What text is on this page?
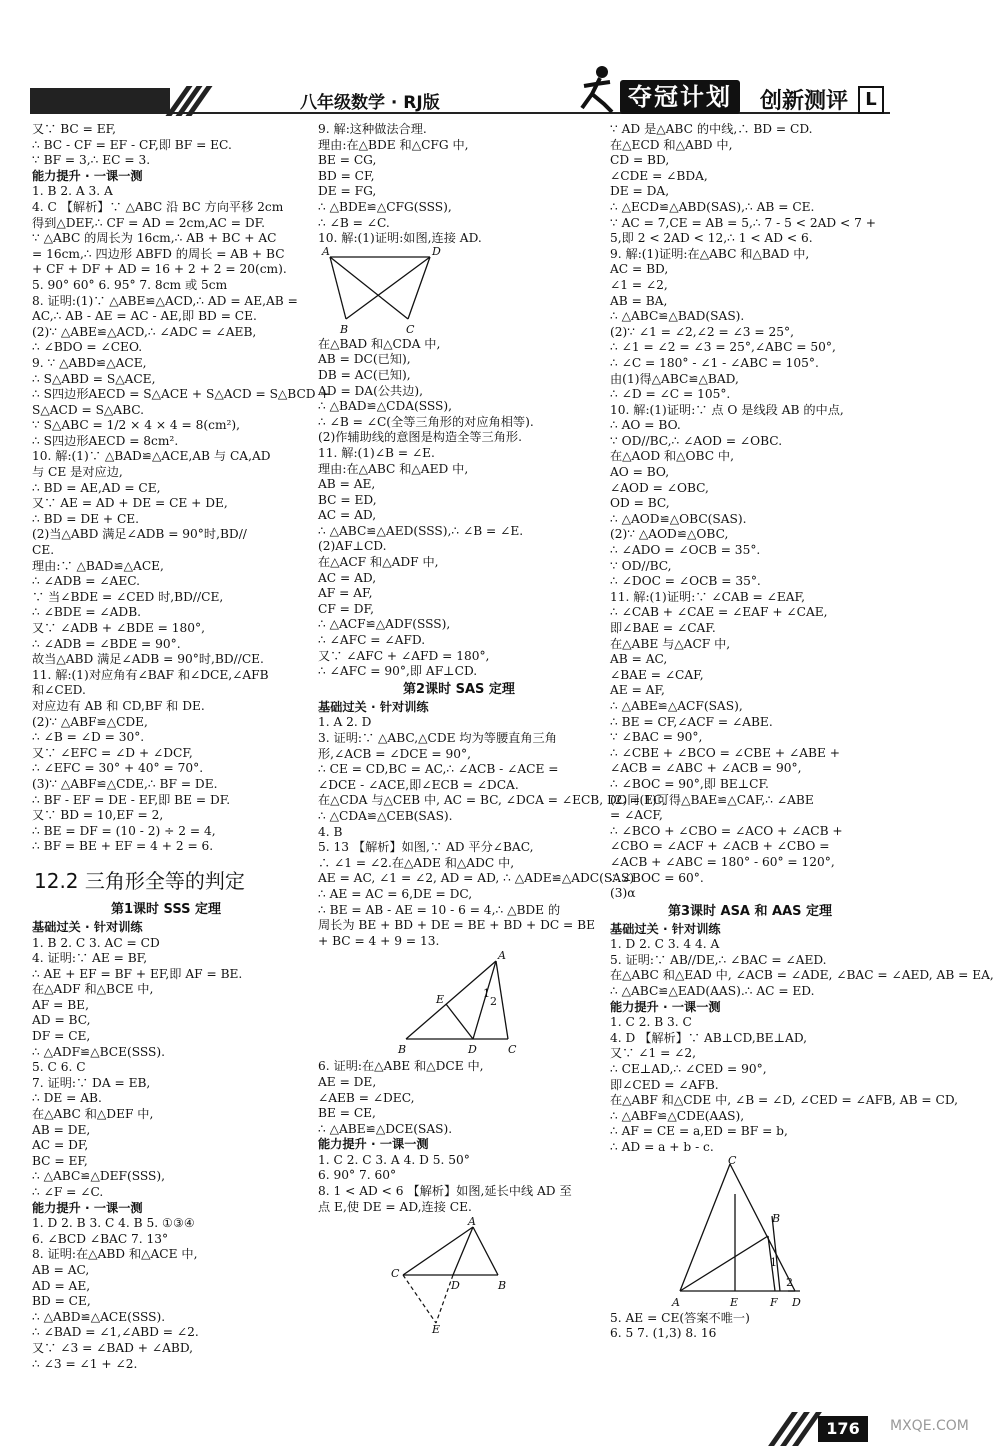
八年级数学 · RJ版	夺冠计划	创新测评 L
又∵ BC = EF,
∴ BC - CF = EF - CF,即 BF = EC.
∵ BF = 3,∴ EC = 3.
能力提升 · 一课一测
1. B 2. A 3. A
4. C 【解析】∵ △ABC 沿 BC 方向平移 2cm
得到△DEF,∴ CF = AD = 2cm,AC = DF.
∵ △ABC 的周长为 16cm,∴ AB + BC + AC
= 16cm,∴ 四边形 ABFD 的周长 = AB + BC
+ CF + DF + AD = 16 + 2 + 2 = 20(cm).
5. 90° 60° 6. 95° 7. 8cm 或 5cm
8. 证明:(1)∵ △ABE≌△ACD,∴ AD = AE,AB =
AC,∴ AB - AE = AC - AE,即 BD = CE.
(2)∵ △ABE≌△ACD,∴ ∠ADC = ∠AEB,
∴ ∠BDO = ∠CEO.
9. ∵ △ABD≌△ACE,
∴ S△ABD = S△ACE,
∴ S四边形AECD = S△ACE + S△ACD = S△BCD +
S△ACD = S△ABC.
∵ S△ABC = 1/2 × 4 × 4 = 8(cm²),
∴ S四边形AECD = 8cm².
10. 解:(1)∵ △BAD≌△ACE,AB 与 CA,AD
与 CE 是对应边,
∴ BD = AE,AD = CE,
又∵ AE = AD + DE = CE + DE,
∴ BD = DE + CE.
(2)当△ABD 满足∠ADB = 90°时,BD//
CE.
理由:∵ △BAD≌△ACE,
∴ ∠ADB = ∠AEC.
∵ 当∠BDE = ∠CED 时,BD//CE,
∴ ∠BDE = ∠ADB.
又∵ ∠ADB + ∠BDE = 180°,
∴ ∠ADB = ∠BDE = 90°.
故当△ABD 满足∠ADB = 90°时,BD//CE.
11. 解:(1)对应角有∠BAF 和∠DCE,∠AFB
和∠CED.
对应边有 AB 和 CD,BF 和 DE.
(2)∵ △ABF≌△CDE,
∴ ∠B = ∠D = 30°.
又∵ ∠EFC = ∠D + ∠DCF,
∴ ∠EFC = 30° + 40° = 70°.
(3)∵ △ABF≌△CDE,∴ BF = DE.
∴ BF - EF = DE - EF,即 BE = DF.
又∵ BD = 10,EF = 2,
∴ BE = DF = (10 - 2) ÷ 2 = 4,
∴ BF = BE + EF = 4 + 2 = 6.
12.2 三角形全等的判定
第1课时 SSS 定理
基础过关 · 针对训练
1. B 2. C 3. AC = CD
4. 证明:∵ AE = BF,
∴ AE + EF = BF + EF,即 AF = BE.
在△ADF 和△BCE 中,
AF = BE,
AD = BC,
DF = CE,
∴ △ADF≌△BCE(SSS).
5. C 6. C
7. 证明:∵ DA = EB,
∴ DE = AB.
在△ABC 和△DEF 中,
AB = DE,
AC = DF,
BC = EF,
∴ △ABC≌△DEF(SSS),
∴ ∠F = ∠C.
能力提升 · 一课一测
1. D 2. B 3. C 4. B 5. ①③④
6. ∠BCD ∠BAC 7. 13°
8. 证明:在△ABD 和△ACE 中,
AB = AC,
AD = AE,
BD = CE,
∴ △ABD≌△ACE(SSS).
∴ ∠BAD = ∠1,∠ABD = ∠2.
又∵ ∠3 = ∠BAD + ∠ABD,
∴ ∠3 = ∠1 + ∠2.
9. 解:这种做法合理.
理由:在△BDE 和△CFG 中,
BE = CG,
BD = CF,
DE = FG,
∴ △BDE≌△CFG(SSS),
∴ ∠B = ∠C.
10. 解:(1)证明:如图,连接 AD.
A	D
B	C
在△BAD 和△CDA 中,
AB = DC(已知),
DB = AC(已知),
AD = DA(公共边),
∴ △BAD≌△CDA(SSS),
∴ ∠B = ∠C(全等三角形的对应角相等).
(2)作辅助线的意图是构造全等三角形.
11. 解:(1)∠B = ∠E.
理由:在△ABC 和△AED 中,
AB = AE,
BC = ED,
AC = AD,
∴ △ABC≌△AED(SSS),∴ ∠B = ∠E.
(2)AF⊥CD.
在△ACF 和△ADF 中,
AC = AD,
AF = AF,
CF = DF,
∴ △ACF≌△ADF(SSS),
∴ ∠AFC = ∠AFD.
又∵ ∠AFC + ∠AFD = 180°,
∴ ∠AFC = 90°,即 AF⊥CD.
第2课时 SAS 定理
基础过关 · 针对训练
1. A 2. D
3. 证明:∵ △ABC,△CDE 均为等腰直角三角
形,∠ACB = ∠DCE = 90°,
∴ CE = CD,BC = AC,∴ ∠ACB - ∠ACE =
∠DCE - ∠ACE,即∠ECB = ∠DCA.
在△CDA 与△CEB 中, AC = BC, ∠DCA = ∠ECB, DC = EC,
∴ △CDA≌△CEB(SAS).
4. B
5. 13 【解析】如图,∵ AD 平分∠BAC,
∴ ∠1 = ∠2.在△ADE 和△ADC 中,
AE = AC, ∠1 = ∠2, AD = AD, ∴ △ADE≌△ADC(SAS)
∴ AE = AC = 6,DE = DC,
∴ BE = AB - AE = 10 - 6 = 4,∴ △BDE 的
周长为 BE + BD + DE = BE + BD + DC = BE
+ BC = 4 + 9 = 13.
A
E
B	D	C
1
2
6. 证明:在△ABE 和△DCE 中,
AE = DE,
∠AEB = ∠DEC,
BE = CE,
∴ △ABE≌△DCE(SAS).
能力提升 · 一课一测
1. C 2. C 3. A 4. D 5. 50°
6. 90° 7. 60°
8. 1 < AD < 6 【解析】如图,延长中线 AD 至
点 E,使 DE = AD,连接 CE.
A
C
D	B
E
∵ AD 是△ABC 的中线,∴ BD = CD.
在△ECD 和△ABD 中,
CD = BD,
∠CDE = ∠BDA,
DE = DA,
∴ △ECD≌△ABD(SAS),∴ AB = CE.
∵ AC = 7,CE = AB = 5,∴ 7 - 5 < 2AD < 7 +
5,即 2 < 2AD < 12,∴ 1 < AD < 6.
9. 解:(1)证明:在△ABC 和△BAD 中,
AC = BD,
∠1 = ∠2,
AB = BA,
∴ △ABC≌△BAD(SAS).
(2)∵ ∠1 = ∠2,∠2 = ∠3 = 25°,
∴ ∠1 = ∠2 = ∠3 = 25°,∠ABC = 50°,
∴ ∠C = 180° - ∠1 - ∠ABC = 105°.
由(1)得△ABC≌△BAD,
∴ ∠D = ∠C = 105°.
10. 解:(1)证明:∵ 点 O 是线段 AB 的中点,
∴ AO = BO.
∵ OD//BC,∴ ∠AOD = ∠OBC.
在△AOD 和△OBC 中,
AO = BO,
∠AOD = ∠OBC,
OD = BC,
∴ △AOD≌△OBC(SAS).
(2)∵ △AOD≌△OBC,
∴ ∠ADO = ∠OCB = 35°.
∵ OD//BC,
∴ ∠DOC = ∠OCB = 35°.
11. 解:(1)证明:∵ ∠CAB = ∠EAF,
∴ ∠CAB + ∠CAE = ∠EAF + ∠CAE,
即∠BAE = ∠CAF.
在△ABE 与△ACF 中,
AB = AC,
∠BAE = ∠CAF,
AE = AF,
∴ △ABE≌△ACF(SAS),
∴ BE = CF,∠ACF = ∠ABE.
∵ ∠BAC = 90°,
∴ ∠CBE + ∠BCO = ∠CBE + ∠ABE +
∠ACB = ∠ABC + ∠ACB = 90°,
∴ ∠BOC = 90°,即 BE⊥CF.
(2)同(1)可得△BAE≌△CAF,∴ ∠ABE
= ∠ACF,
∴ ∠BCO + ∠CBO = ∠ACO + ∠ACB +
∠CBO = ∠ACF + ∠ACB + ∠CBO =
∠ACB + ∠ABC = 180° - 60° = 120°,
∴ ∠BOC = 60°.
(3)α
第3课时 ASA 和 AAS 定理
基础过关 · 针对训练
1. D 2. C 3. 4 4. A
5. 证明:∵ AB//DE,∴ ∠BAC = ∠AED.
在△ABC 和△EAD 中, ∠ACB = ∠ADE, ∠BAC = ∠AED, AB = EA,
∴ △ABC≌△EAD(AAS).∴ AC = ED.
能力提升 · 一课一测
1. C 2. B 3. C
4. D 【解析】∵ AB⊥CD,BE⊥AD,
又∵ ∠1 = ∠2,
∴ CE⊥AD,∴ ∠CED = 90°,
即∠CED = ∠AFB.
在△ABF 和△CDE 中, ∠B = ∠D, ∠CED = ∠AFB, AB = CD,
∴ △ABF≌△CDE(AAS),
∴ AF = CE = a,ED = BF = b,
∴ AD = a + b - c.
C
B
A	E	F D
1
2
5. AE = CE(答案不唯一)
6. 5 7. (1,3) 8. 16
176	MXQE.COM
